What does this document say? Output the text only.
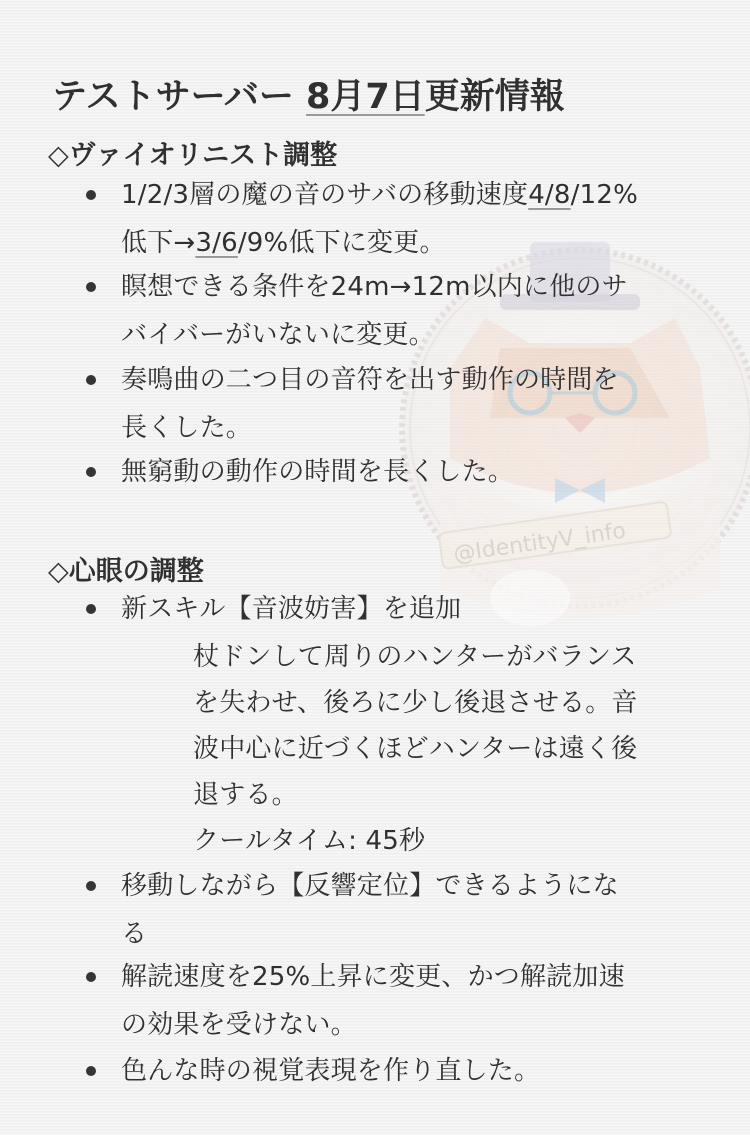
@IdentityV_info
テストサーバー 8月7日更新情報
◇ヴァイオリニスト調整
1/2/3層の魔の音のサバの移動速度4/8/12%
低下→3/6/9%低下に変更。
瞑想できる条件を24m→12m以内に他のサ
バイバーがいないに変更。
奏鳴曲の二つ目の音符を出す動作の時間を
長くした。
無窮動の動作の時間を長くした。
◇心眼の調整
新スキル【音波妨害】を追加
杖ドンして周りのハンターがバランス
を失わせ、後ろに少し後退させる。音
波中心に近づくほどハンターは遠く後
退する。
クールタイム: 45秒
移動しながら【反響定位】できるようにな
る
解読速度を25%上昇に変更、かつ解読加速
の効果を受けない。
色んな時の視覚表現を作り直した。
